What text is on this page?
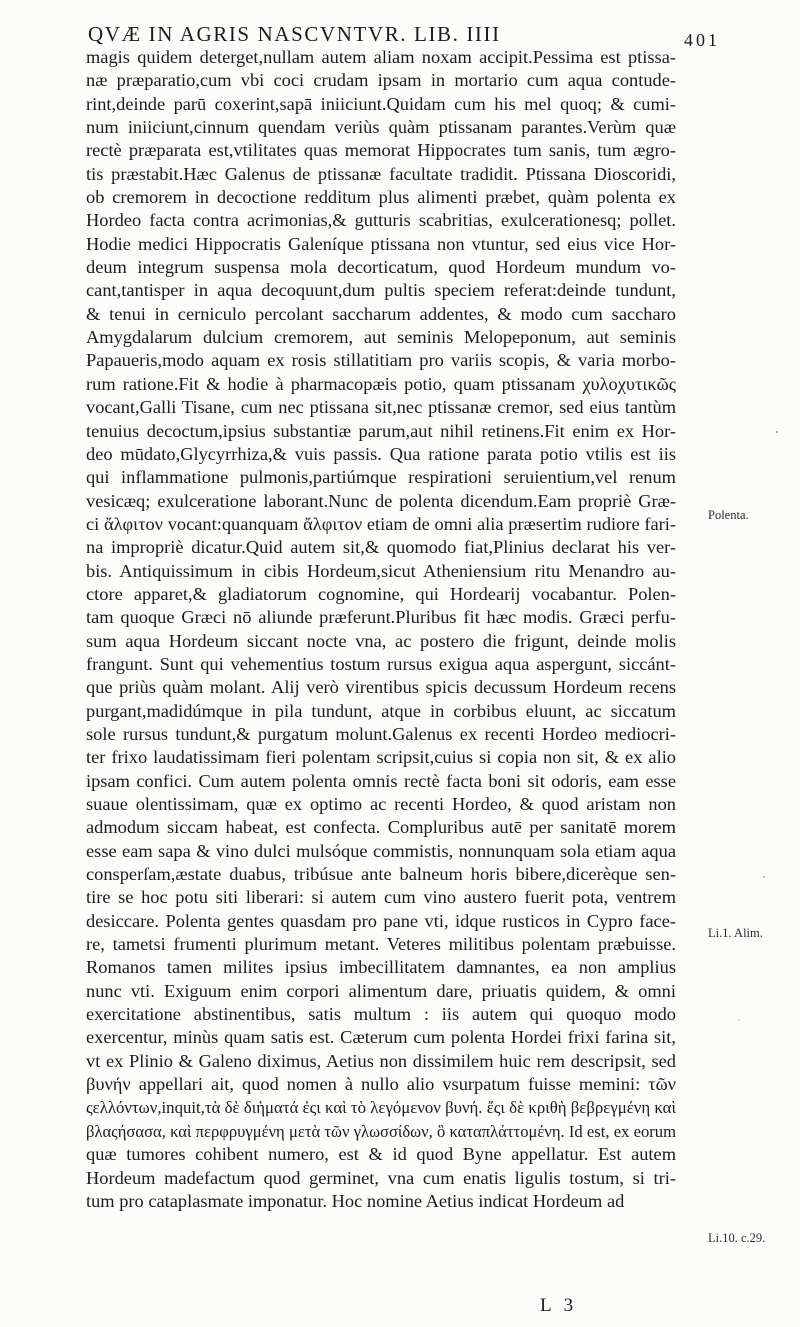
QVÆ IN AGRIS NASCVNTVR. LIB. IIII	401
magis quidem deterget,nullam autem aliam noxam accipit.Pessima est ptissa-
næ præparatio,cum vbi coci crudam ipsam in mortario cum aqua contude-
rint,deinde parū coxerint,sapā iniiciunt.Quidam cum his mel quoq; & cumi-
num iniiciunt,cinnum quendam veriùs quàm ptissanam parantes.Verùm quæ
rectè præparata est,vtilitates quas memorat Hippocrates tum sanis, tum ægro-
tis præstabit.Hæc Galenus de ptissanæ facultate tradidit. Ptissana Dioscoridi,
ob cremorem in decoctione redditum plus alimenti præbet, quàm polenta ex
Hordeo facta contra acrimonias,& gutturis scabritias, exulcerationesq; pollet.
Hodie medici Hippocratis Galeníque ptissana non vtuntur, sed eius vice Hor-
deum integrum suspensa mola decorticatum, quod Hordeum mundum vo-
cant,tantisper in aqua decoquunt,dum pultis speciem referat:deinde tundunt,
& tenui in cerniculo percolant saccharum addentes, & modo cum sacchаro
Amygdalarum dulcium cremorem, aut seminis Melopeponum, aut seminis
Papaueris,modo aquam ex rosis stillatitiam pro variis scopis, & varia morbo-
rum ratione.Fit & hodie à pharmacopæis potio, quam ptissanam χυλοχυτικῶς
vocant,Galli Tisane, cum nec ptissana sit,nec ptissanæ cremor, sed eius tantùm
tenuius decoctum,ipsius substantiæ parum,aut nihil retinens.Fit enim ex Hor-
deo mūdato,Glycyrrhiza,& vuis passis. Qua ratione parata potio vtilis est iis
qui inflammatione pulmonis,partiúmque respirationi seruientium,vel renum
vesicæq; exulceratione laborant.Nunc de polenta dicendum.Eam propriè Græ-
ci ἄλφιτον vocant:quanquam ἄλφιτον etiam de omni alia præsertim rudiore fari-
na impropriè dicatur.Quid autem sit,& quomodo fiat,Plinius declarat his ver-
bis. Antiquissimum in cibis Hordeum,sicut Atheniensium ritu Menandro au-
ctore apparet,& gladiatorum cognomine, qui Hordearij vocabantur. Polen-
tam quoque Græci nō aliunde præferunt.Pluribus fit hæc modis. Græci perfu-
sum aqua Hordeum siccant nocte vna, ac postero die frigunt, deinde molis
frangunt. Sunt qui vehementius tostum rursus exigua aqua aspergunt, siccánt-
que priùs quàm molant. Alij verò virentibus spicis decussum Hordeum recens
purgant,madidúmque in pila tundunt, atque in corbibus eluunt, ac siccatum
sole rursus tundunt,& purgatum molunt.Galenus ex recenti Hordeo mediocri-
ter frixo laudatissimam fieri polentam scripsit,cuius si copia non sit, & ex alio
ipsam confici. Cum autem polenta omnis rectè facta boni sit odoris, eam esse
suaue olentissimam, quæ ex optimo ac recenti Hordeo, & quod aristam non
admodum siccam habeat, est confecta. Compluribus autē per sanitatē morem
esse eam sapa & vino dulci mulsóque commistis, nonnunquam sola etiam aqua
consperſam,æstate duabus, tribúsue ante balneum horis bibere,dicerèque sen-
tire se hoc potu siti liberari: si autem cum vino austero fuerit pota, ventrem
desiccare. Polenta gentes quasdam pro pane vti, idque rusticos in Cypro face-
re, tametsi frumenti plurimum metant. Veteres militibus polentam præbuisse.
Romanos tamen milites ipsius imbecillitatem damnantes, ea non amplius
nunc vti. Exiguum enim corpori alimentum dare, priuatis quidem, & omni
exercitatione abstinentibus, satis multum : iis autem qui quoquo modo
exercentur, minùs quam satis est. Cæterum cum polenta Hordei frixi farina sit,
vt ex Plinio & Galeno diximus, Aetius non dissimilem huic rem descripsit, sed
βυνήν appellari ait, quod nomen à nullo alio vsurpatum fuisse memini: τῶν
ςελλόντων,inquit,τὰ δὲ διἡματά ἐςι καὶ τὸ λεγόμενον βυνή. ἔςι δὲ κριθὴ βεβρεγμένη καὶ
βλαςήσασα, καὶ περφρυγμένη μετὰ τῶν γλωσσίδων, ὃ καταπλάττομένη. Id est, ex eorum
quæ tumores cohibent numero, est & id quod Byne appellatur. Est autem
Hordeum madefactum quod germinet, vna cum enatis ligulis tostum, si tri-
tum pro cataplasmate imponatur. Hoc nomine Aetius indicat Hordeum ad
Polenta.
Li.1. Alim.
Li.10. c.29.
L 3
